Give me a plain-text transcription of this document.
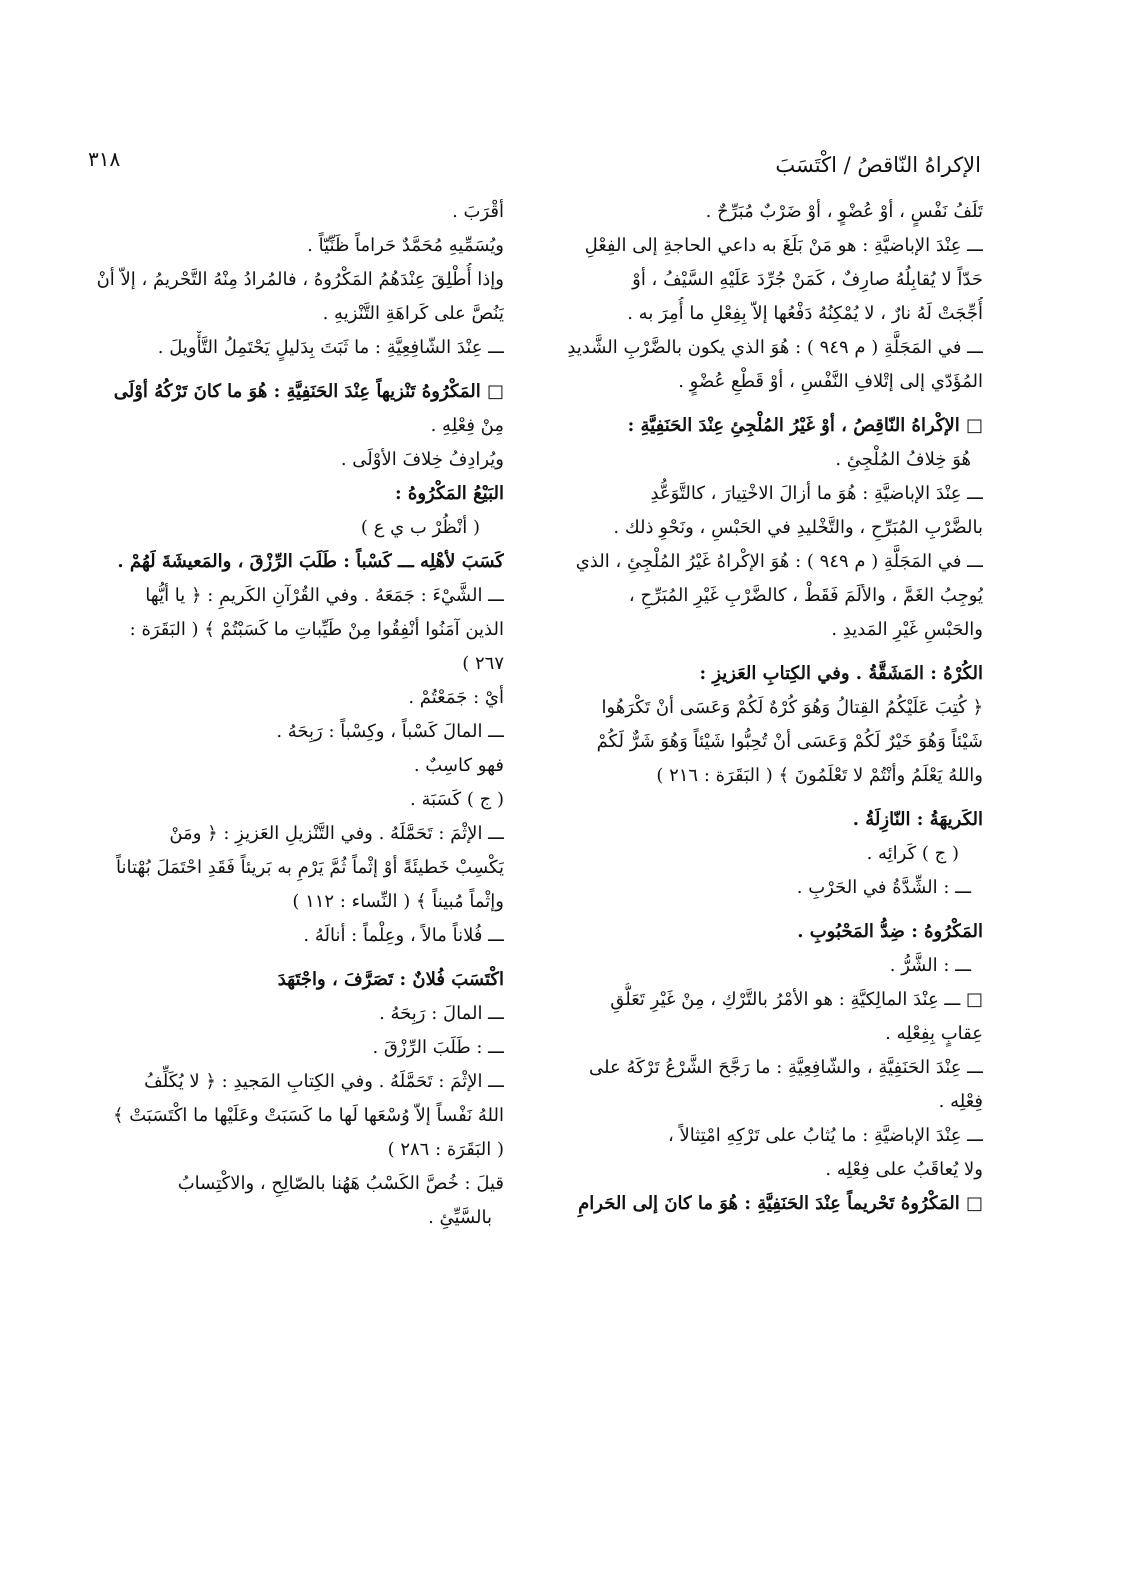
الإكراهُ النّاقصُ / اكْتَسَبَ
٣١٨
تَلَفُ نَفْسٍ ، أوْ عُضْوٍ ، أوْ ضَرْبٌ مُبَرِّحٌ .
ـــ عِنْدَ الإباضيَّةِ : هو مَنْ بَلَغَ به داعي الحاجةِ إلى الفِعْلِ
حَدّاً لا يُقابِلُهُ صارِفٌ ، كَمَنْ جُرِّدَ عَلَيْهِ السَّيْفُ ، أوْ
أُجِّجَتْ لَهُ نارٌ ، لا يُمْكِنُهُ دَفْعُها إلاّ بِفِعْلِ ما أُمِرَ به .
ـــ في المَجَلَّةِ ( م ٩٤٩ ) : هُوَ الذي يكون بالضَّرْبِ الشَّديدِ
المُؤَدّي إلى إتْلافِ النَّفْسِ ، أوْ قَطْعِ عُضْوٍ .
□ الإكْراهُ النّاقِصُ ، أوْ غَيْرُ المُلْجِئِ عِنْدَ الحَنَفِيَّةِ :
هُوَ خِلافُ المُلْجِئِ .
ـــ عِنْدَ الإباضيَّةِ : هُوَ ما أزالَ الاخْتِيارَ ، كالتَّوَعُّدِ
بالضَّرْبِ المُبَرِّحِ ، والتَّخْليدِ في الحَبْسِ ، ونَحْوِ ذلك .
ـــ في المَجَلَّةِ ( م ٩٤٩ ) : هُوَ الإكْراهُ غَيْرُ المُلْجِئِ ، الذي
يُوجِبُ الغَمَّ ، والألَمَ فَقَطْ ، كالضَّرْبِ غَيْرِ المُبَرِّحِ ،
والحَبْسِ غَيْرِ المَديدِ .
الكُرْهُ : المَشَقَّةُ . وفي الكِتابِ العَزيزِ :
﴿ كُتِبَ عَلَيْكُمُ القِتالُ وَهُوَ كُرْهٌ لَكُمْ وَعَسَى أنْ تَكْرَهُوا
شَيْئاً وَهُوَ خَيْرٌ لَكُمْ وَعَسَى أنْ تُحِبُّوا شَيْئاً وَهُوَ شَرٌّ لَكُمْ
واللهُ يَعْلَمُ وأنْتُمْ لا تَعْلَمُونَ ﴾ ( البَقَرَة : ٢١٦ )
الكَريهَةُ : النّازِلَةُ .
( ج ) كَرائِه .
ـــ : الشِّدَّةُ في الحَرْبِ .
المَكْرُوهُ : ضِدُّ المَحْبُوبِ .
ـــ : الشَّرُّ .
□ ـــ عِنْدَ المالِكيَّةِ : هو الأمْرُ بالتَّرْكِ ، مِنْ غَيْرِ تَعَلُّقِ
عِقابٍ بِفِعْلِه .
ـــ عِنْدَ الحَنَفِيَّةِ ، والشّافِعِيَّةِ : ما رَجَّحَ الشَّرْعُ تَرْكَهُ على
فِعْلِه .
ـــ عِنْدَ الإباضيَّةِ : ما يُثابُ على تَرْكِهِ امْتِثالاً ،
ولا يُعاقَبُ على فِعْلِه .
□ المَكْرُوهُ تَحْريماً عِنْدَ الحَنَفِيَّةِ : هُوَ ما كانَ إلى الحَرامِ
أقْرَبَ .
ويُسَمِّيهِ مُحَمَّدٌ حَراماً ظَنِّيّاً .
وإذا أُطْلِقَ عِنْدَهُمُ المَكْرُوهُ ، فالمُرادُ مِنْهُ التَّحْريمُ ، إلاّ أنْ
يَنُصَّ على كَراهَةِ التَّنْزيهِ .
ـــ عِنْدَ الشّافِعِيَّةِ : ما ثَبَتَ بِدَليلٍ يَحْتَمِلُ التَّأْويلَ .
□ المَكْرُوهُ تَنْزيهاً عِنْدَ الحَنَفِيَّةِ : هُوَ ما كانَ تَرْكُهُ أوْلَى
مِنْ فِعْلِهِ .
ويُرادِفُ خِلافَ الأوْلَى .
البَيْعُ المَكْرُوهُ :
( أنْظُرْ ب ي ع )
كَسَبَ لأهْلِه ـــ كَسْباً : طَلَبَ الرِّزْقَ ، والمَعيشَةَ لَهُمْ .
ـــ الشَّيْءَ : جَمَعَهُ . وفي القُرْآنِ الكَريمِ : ﴿ يا أيُّها
الذين آمَنُوا أنْفِقُوا مِنْ طَيِّباتِ ما كَسَبْتُمْ ﴾ ( البَقَرَة :
٢٦٧ )
أيْ : جَمَعْتُمْ .
ـــ المالَ كَسْباً ، وكِسْباً : رَبِحَهُ .
فهو كاسِبٌ .
( ج ) كَسَبَة .
ـــ الإثْمَ : تَحَمَّلَهُ . وفي التَّنْزيلِ العَزيزِ : ﴿ ومَنْ
يَكْسِبْ خَطيئَةً أوْ إثْماً ثُمَّ يَرْمِ به بَريئاً فَقَدِ احْتَمَلَ بُهْتاناً
وإثْماً مُبيناً ﴾ ( النِّساء : ١١٢ )
ـــ فُلاناً مالاً ، وعِلْماً : أنالَهُ .
اكْتَسَبَ فُلانٌ : تَصَرَّفَ ، واجْتَهَدَ
ـــ المالَ : رَبِحَهُ .
ـــ : طَلَبَ الرِّزْقَ .
ـــ الإثْمَ : تَحَمَّلَهُ . وفي الكِتابِ المَجيدِ : ﴿ لا يُكَلِّفُ
اللهُ نَفْساً إلاّ وُسْعَها لَها ما كَسَبَتْ وعَلَيْها ما اكْتَسَبَتْ ﴾
( البَقَرَة : ٢٨٦ )
قيلَ : خُصَّ الكَسْبُ هَهُنا بالصّالِحِ ، والاكْتِسابُ
بالسَّيِّئِ .
